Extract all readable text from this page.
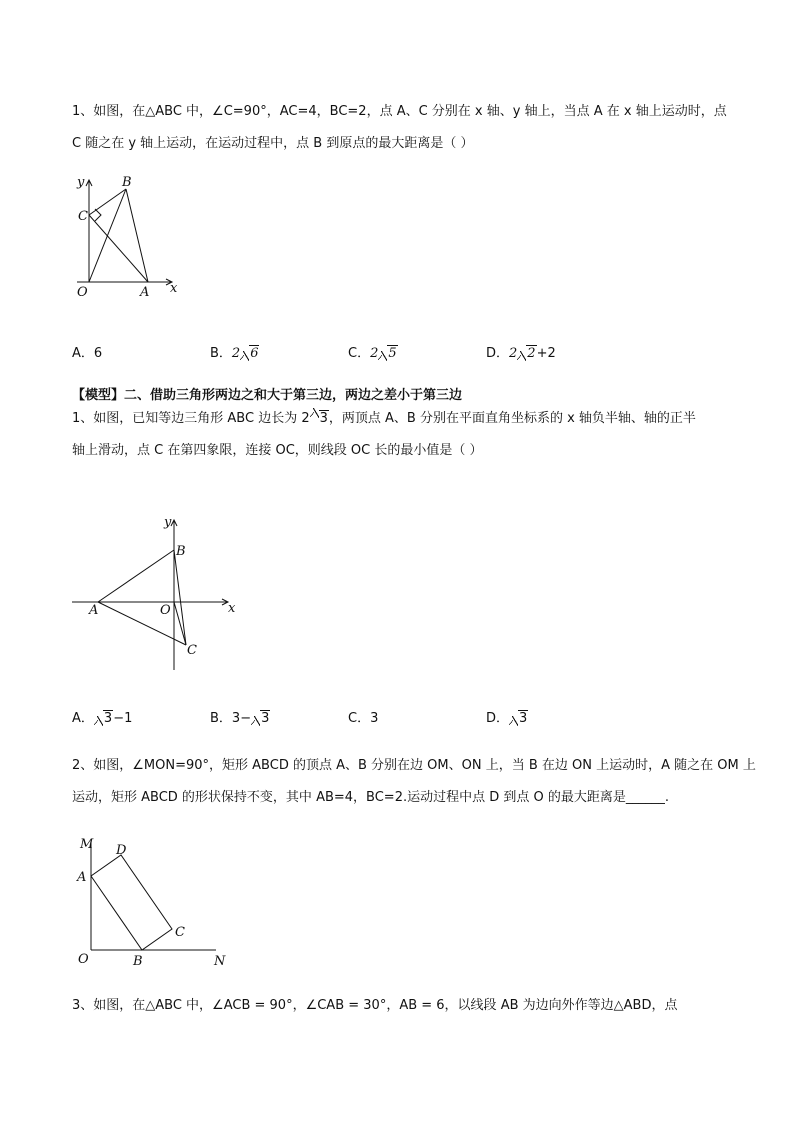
1、如图，在△ABC 中，∠C=90°，AC=4，BC=2，点 A、C 分别在 x 轴、y 轴上，当点 A 在 x 轴上运动时，点
C 随之在 y 轴上运动，在运动过程中，点 B 到原点的最大距离是（ ）
y	B
C
O	A x
A．6	B．2 6	C．2 5	D．2 2+2
【模型】二、借助三角形两边之和大于第三边，两边之差小于第三边
1、如图，已知等边三角形 ABC 边长为 2 3，两顶点 A、B 分别在平面直角坐标系的 x 轴负半轴、轴的正半
轴上滑动，点 C 在第四象限，连接 OC，则线段 OC 长的最小值是（ ）
y
B
A	O	x
C
A． 3−1	B．3− 3	C．3	D． 3
2、如图，∠MON=90°，矩形 ABCD 的顶点 A、B 分别在边 OM、ON 上，当 B 在边 ON 上运动时，A 随之在 OM 上
运动，矩形 ABCD 的形状保持不变，其中 AB=4，BC=2.运动过程中点 D 到点 O 的最大距离是______.
M D
A
C
O	B	N
3、如图，在△ABC 中，∠ACB = 90°，∠CAB = 30°，AB = 6，以线段 AB 为边向外作等边△ABD，点
